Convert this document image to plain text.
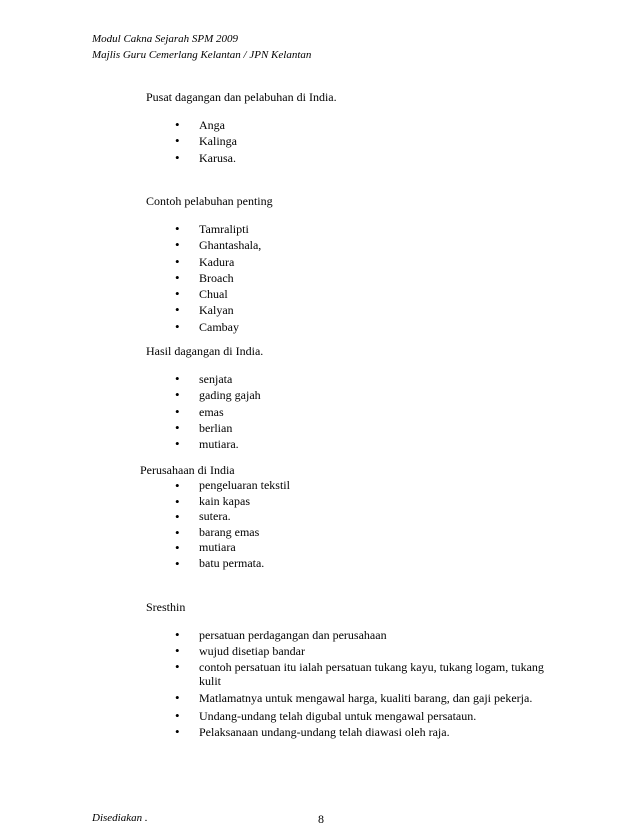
Modul Cakna Sejarah SPM 2009
Majlis Guru Cemerlang Kelantan / JPN Kelantan
Pusat dagangan dan pelabuhan di India.
• Anga
• Kalinga
• Karusa.
Contoh pelabuhan penting
• Tamralipti
• Ghantashala,
• Kadura
• Broach
• Chual
• Kalyan
• Cambay
Hasil dagangan di India.
• senjata
• gading gajah
• emas
• berlian
• mutiara.
Perusahaan di India
• pengeluaran tekstil
• kain kapas
• sutera.
• barang emas
• mutiara
• batu permata.
Sresthin
• persatuan perdagangan dan perusahaan
• wujud disetiap bandar
• contoh persatuan itu ialah persatuan tukang kayu, tukang logam, tukang kulit
• Matlamatnya untuk mengawal harga, kualiti barang, dan gaji pekerja.
• Undang-undang telah digubal untuk mengawal persataun.
• Pelaksanaan undang-undang telah diawasi oleh raja.
Disediakan .	8
